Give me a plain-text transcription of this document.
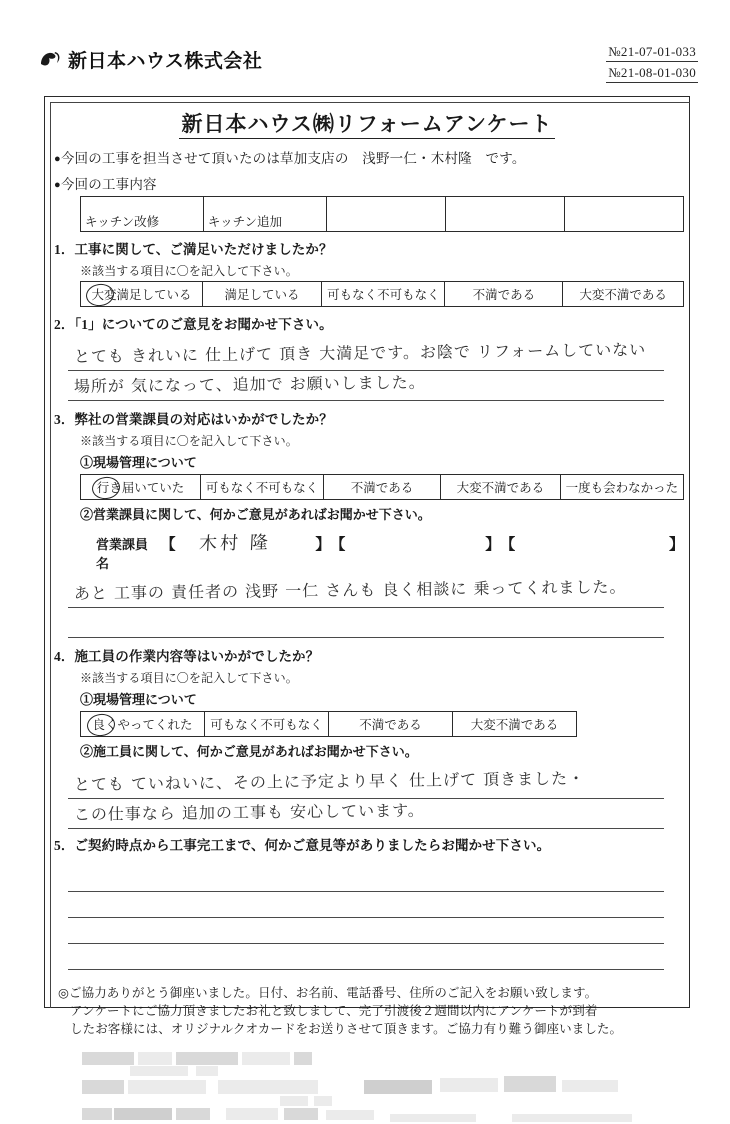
新日本ハウス株式会社	№21-07-01-033
№21-08-01-030
新日本ハウス㈱リフォームアンケート
●今回の工事を担当させて頂いたのは草加支店の　浅野一仁・木村隆　です。
●今回の工事内容
キッチン改修	キッチン追加			
1．工事に関して、ご満足いただけましたか？
※該当する項目に〇を記入して下さい。
大変満足している	満足している	可もなく不可もなく	不満である	大変不満である
2．「1」についてのご意見をお聞かせ下さい。
とても きれいに 仕上げて 頂き 大満足です。お陰で リフォームしていない
場所が 気になって、追加で お願いしました。
3．弊社の営業課員の対応はいかがでしたか？
※該当する項目に〇を記入して下さい。
①現場管理について
行き届いていた	可もなく不可もなく	不満である	大変不満である	一度も会わなかった
②営業課員に関して、何かご意見があればお聞かせ下さい。
営業課員名
【	木村 隆	】 【	】 【	】
あと 工事の 責任者の 浅野 一仁 さんも 良く相談に 乗ってくれました。
4．施工員の作業内容等はいかがでしたか？
※該当する項目に〇を記入して下さい。
①現場管理について
良くやってくれた	可もなく不可もなく	不満である	大変不満である
②施工員に関して、何かご意見があればお聞かせ下さい。
とても ていねいに、その上に予定より早く 仕上げて 頂きました・
この仕事なら 追加の工事も 安心しています。
5．ご契約時点から工事完工まで、何かご意見等がありましたらお聞かせ下さい。
◎ご協力ありがとう御座いました。日付、お名前、電話番号、住所のご記入をお願い致します。
アンケートにご協力頂きましたお礼と致しまして、完了引渡後２週間以内にアンケートが到着
したお客様には、オリジナルクオカードをお送りさせて頂きます。ご協力有り難う御座いました。
